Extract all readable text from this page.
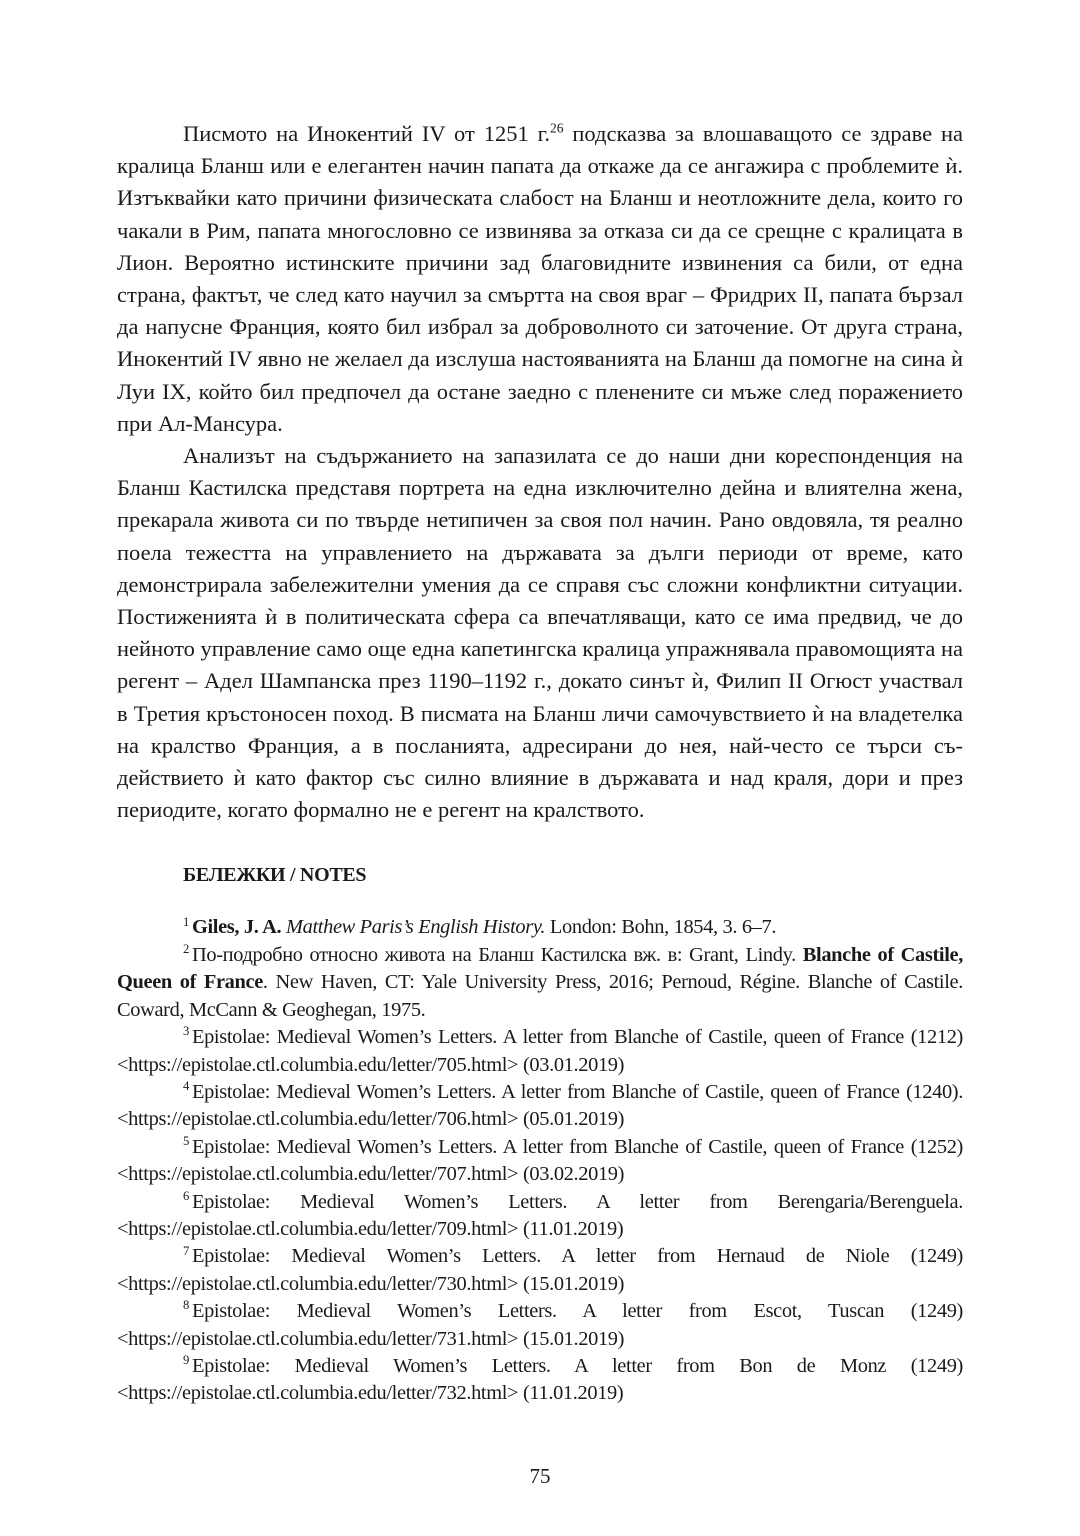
Писмото на Инокентий IV от 1251 г.$^{26}$ подсказва за влошаващото се здраве на кралица Бланш или е елегантен начин папата да откаже да се ангажира с проблемите ѝ. Изтъквайки като причини физическата слабост на Бланш и неотложните дела, които го чакали в Рим, папата многословно се извинява за отказа си да се срещне с кралицата в Лион. Вероятно истинските причини зад благовидните извинения са били, от една страна, фактът, че след като научил за смъртта на своя враг – Фридрих II, папата бързал да напусне Франция, която бил избрал за доброволното си заточение. От друга страна, Инокентий IV явно не желаел да изслуша настояванията на Бланш да помогне на сина ѝ Луи IX, който бил предпочел да остане заедно с пленените си мъже след поражението при Ал-Мансура.

Анализът на съдържанието на запазилата се до наши дни кореспонденция на Бланш Кастилска представя портрета на една изключително дейна и влиятелна жена, прекарала живота си по твърде нетипичен за своя пол начин. Рано овдовяла, тя реално поела тежестта на управлението на държавата за дълги периоди от време, като демонстрирала забележителни умения да се справя със сложни конфликтни ситуации. Постиженията ѝ в политическата сфера са впечатляващи, като се има предвид, че до нейното управление само още една капетингска кралица упражнявала правомощията на регент – Адел Шампанска през 1190–1192 г., докато синът ѝ, Филип II Огюст участвал в Третия кръстоносен поход. В писмата на Бланш личи самочувствието ѝ на владетелка на кралство Франция, а в посланията, адресирани до нея, най-често се търси съдействието ѝ като фактор със силно влияние в държавата и над краля, дори и през периодите, когато формално не е регент на кралството.

БЕЛЕЖКИ / NOTES

$^1$ Giles, J. A. Matthew Paris’s English History. London: Bohn, 1854, 3. 6–7.

$^2$ По-подробно относно живота на Бланш Кастилска вж. в: Grant, Lindy. Blanche of Castile, Queen of France. New Haven, CT: Yale University Press, 2016; Pernoud, Régine. Blanche of Castile. Coward, McCann & Geoghegan, 1975.

$^3$ Epistolae: Medieval Women’s Letters. A letter from Blanche of Castile, queen of France (1212) <https://epistolae.ctl.columbia.edu/letter/705.html> (03.01.2019)

$^4$ Epistolae: Medieval Women’s Letters. A letter from Blanche of Castile, queen of France (1240). <https://epistolae.ctl.columbia.edu/letter/706.html> (05.01.2019)

$^5$ Epistolae: Medieval Women’s Letters. A letter from Blanche of Castile, queen of France (1252) <https://epistolae.ctl.columbia.edu/letter/707.html> (03.02.2019)

$^6$ Epistolae: Medieval Women’s Letters. A letter from Berengaria/Berenguela. <https://epistolae.ctl.columbia.edu/letter/709.html> (11.01.2019)

$^7$ Epistolae: Medieval Women’s Letters. A letter from Hernaud de Niole (1249) <https://epistolae.ctl.columbia.edu/letter/730.html> (15.01.2019)

$^8$ Epistolae: Medieval Women’s Letters. A letter from Escot, Tuscan (1249) <https://epistolae.ctl.columbia.edu/letter/731.html> (15.01.2019)

$^9$ Epistolae: Medieval Women’s Letters. A letter from Bon de Monz (1249) <https://epistolae.ctl.columbia.edu/letter/732.html> (11.01.2019)

75
